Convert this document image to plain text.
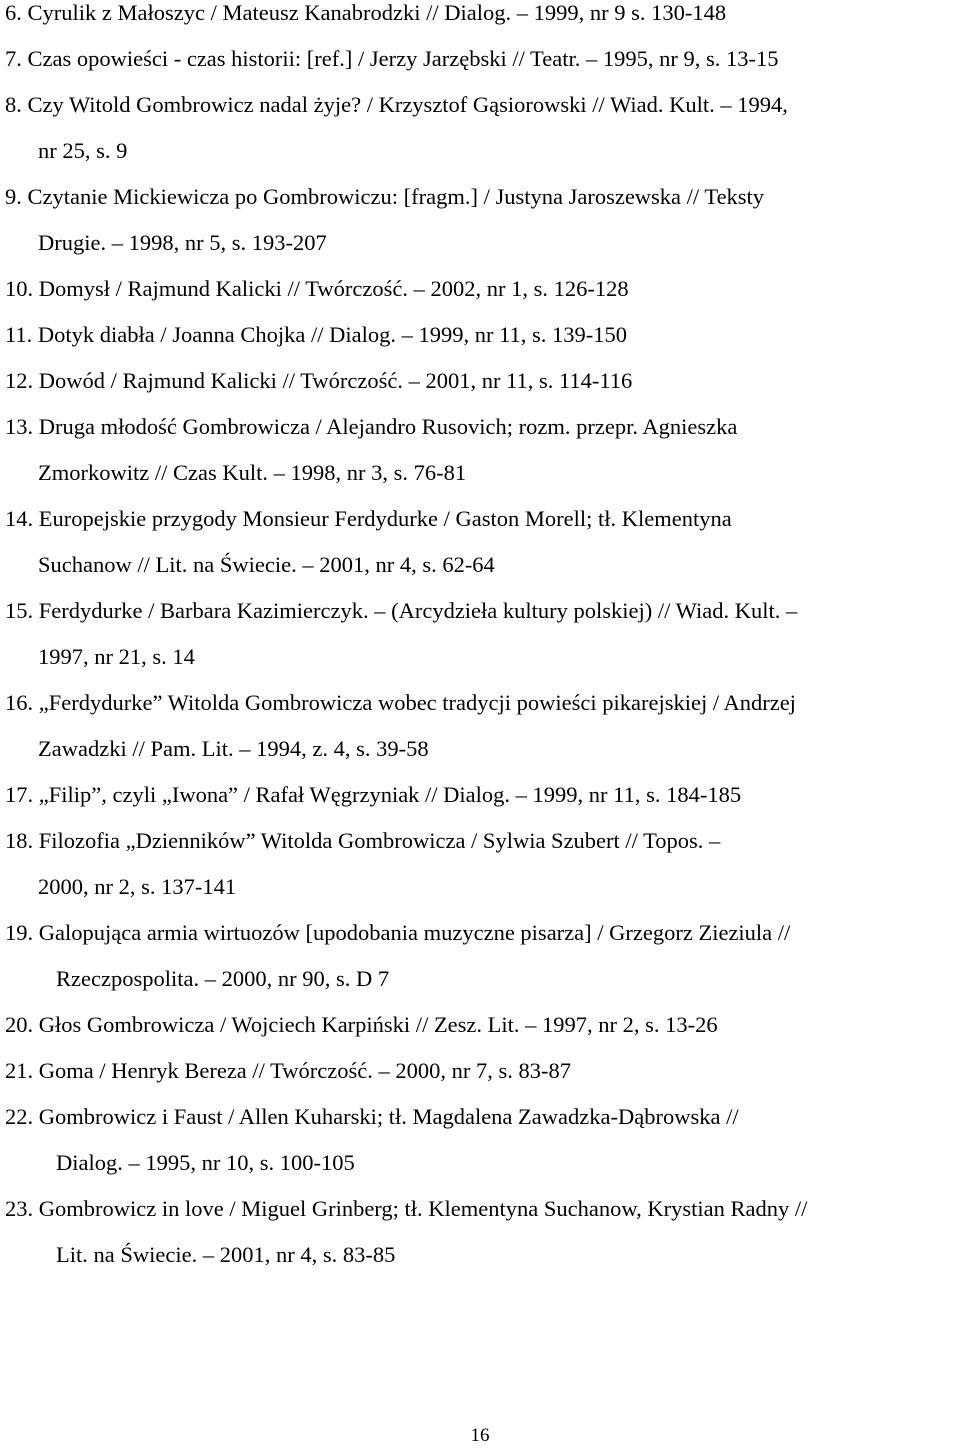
6. Cyrulik z Małoszyc / Mateusz Kanabrodzki // Dialog. – 1999, nr 9 s. 130-148
7. Czas opowieści - czas historii: [ref.] / Jerzy Jarzębski // Teatr. – 1995, nr 9, s. 13-15
8. Czy Witold Gombrowicz nadal żyje? / Krzysztof Gąsiorowski // Wiad. Kult. – 1994,
nr 25, s. 9
9. Czytanie Mickiewicza po Gombrowiczu: [fragm.] / Justyna Jaroszewska // Teksty
Drugie. – 1998, nr 5, s. 193-207
10. Domysł / Rajmund Kalicki // Twórczość. – 2002, nr 1, s. 126-128
11. Dotyk diabła / Joanna Chojka // Dialog. – 1999, nr 11, s. 139-150
12. Dowód / Rajmund Kalicki // Twórczość. – 2001, nr 11, s. 114-116
13. Druga młodość Gombrowicza / Alejandro Rusovich; rozm. przepr. Agnieszka
Zmorkowitz // Czas Kult. – 1998, nr 3, s. 76-81
14. Europejskie przygody Monsieur Ferdydurke / Gaston Morell; tł. Klementyna
Suchanow // Lit. na Świecie. – 2001, nr 4, s. 62-64
15. Ferdydurke / Barbara Kazimierczyk. – (Arcydzieła kultury polskiej) // Wiad. Kult. –
1997, nr 21, s. 14
16. „Ferdydurke” Witolda Gombrowicza wobec tradycji powieści pikarejskiej / Andrzej
Zawadzki // Pam. Lit. – 1994, z. 4, s. 39-58
17. „Filip”, czyli „Iwona” / Rafał Węgrzyniak // Dialog. – 1999, nr 11, s. 184-185
18. Filozofia „Dzienników” Witolda Gombrowicza / Sylwia Szubert // Topos. –
2000, nr 2, s. 137-141
19. Galopująca armia wirtuozów [upodobania muzyczne pisarza] / Grzegorz Zieziula //
Rzeczpospolita. – 2000, nr 90, s. D 7
20. Głos Gombrowicza / Wojciech Karpiński // Zesz. Lit. – 1997, nr 2, s. 13-26
21. Goma / Henryk Bereza // Twórczość. – 2000, nr 7, s. 83-87
22. Gombrowicz i Faust / Allen Kuharski; tł. Magdalena Zawadzka-Dąbrowska //
Dialog. – 1995, nr 10, s. 100-105
23. Gombrowicz in love / Miguel Grinberg; tł. Klementyna Suchanow, Krystian Radny //
Lit. na Świecie. – 2001, nr 4, s. 83-85
16
